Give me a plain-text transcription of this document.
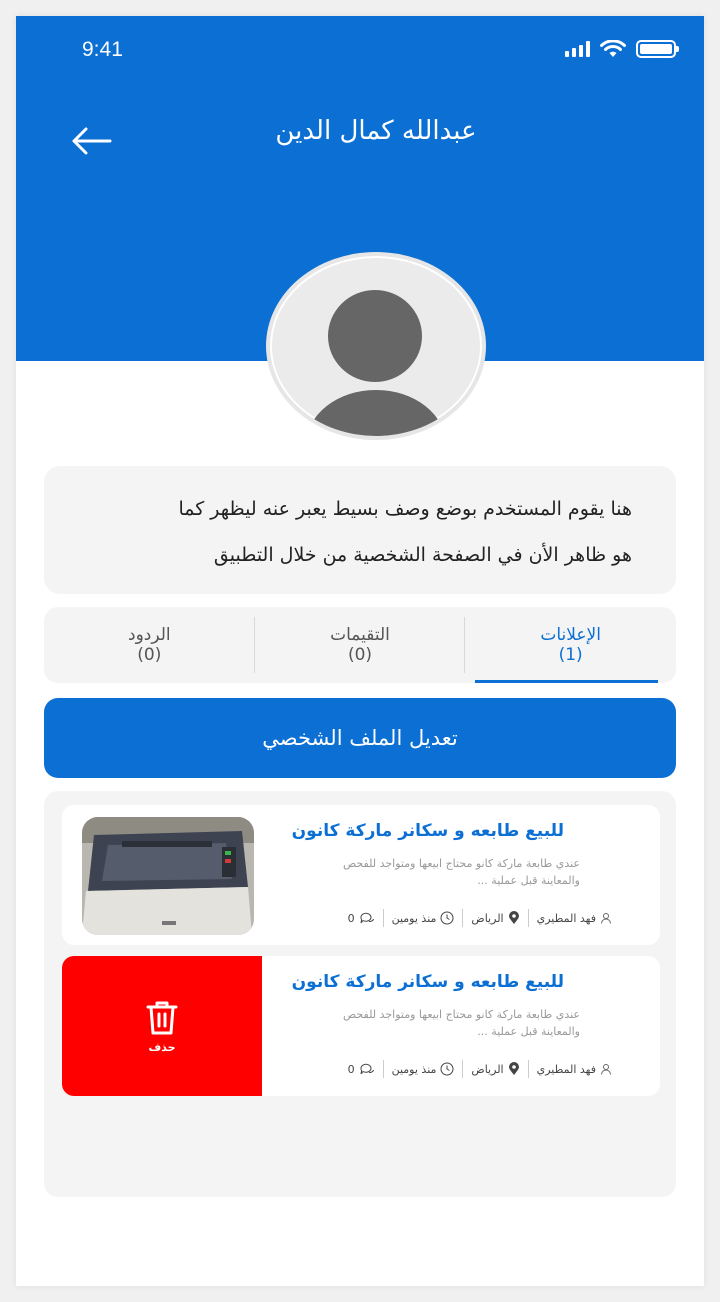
9:41
عبدالله كمال الدين
هنا يقوم المستخدم بوضع وصف بسيط يعبر عنه ليظهر كما
هو ظاهر الأن في الصفحة الشخصية من خلال التطبيق
الإعلانات
(1)
التقيمات
(0)
الردود
(0)
تعديل الملف الشخصي
للبيع طابعه و سكانر ماركة كانون
عندي طابعة ماركة كانو محتاج ابيعها ومتواجد للفحص
والمعاينة قبل عملية ...
فهد المطيري
الرياض
منذ يومين
0
للبيع طابعه و سكانر ماركة كانون
عندي طابعة ماركة كانو محتاج ابيعها ومتواجد للفحص
والمعاينة قبل عملية ...
فهد المطيري
الرياض
منذ يومين
0
حذف
